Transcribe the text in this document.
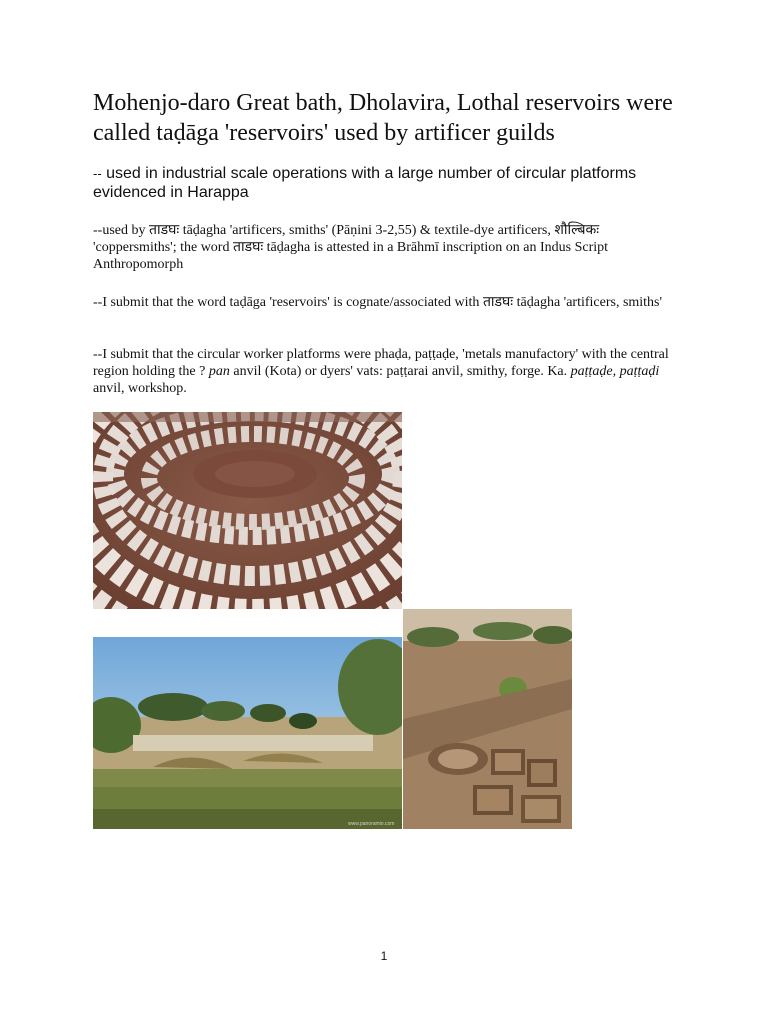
Mohenjo-daro Great bath, Dholavira, Lothal reservoirs were called taḍāga 'reservoirs' used by artificer guilds
-- used in industrial scale operations with a large number of circular platforms evidenced in Harappa
--used by ताडघः tāḍagha 'artificers, smiths' (Pāṇini 3-2,55) & textile-dye artificers, शौल्बिकः 'coppersmiths'; the word ताडघः tāḍagha is attested in a Brāhmī inscription on an Indus Script Anthropomorph
--I submit that the word taḍāga 'reservoirs' is cognate/associated with ताडघः tāḍagha 'artificers, smiths'
--I submit that the circular worker platforms were phaḍa, paṭṭaḍe, 'metals manufactory' with the central region holding the ? pan anvil (Kota) or dyers' vats: paṭṭarai anvil, smithy, forge. Ka. paṭṭaḍe, paṭṭaḍi anvil, workshop.
www.panoramio.com
1
